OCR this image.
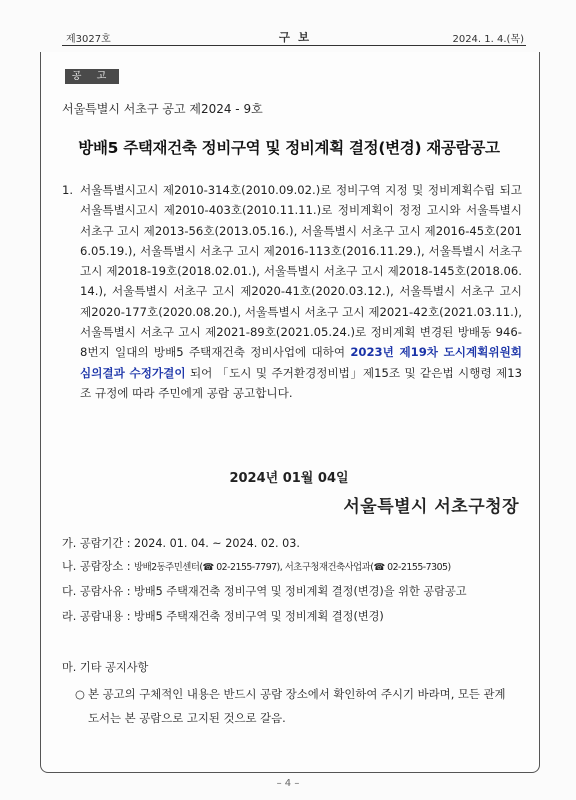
제3027호	구 보	2024. 1. 4.(목)
공 고
서울특별시 서초구 공고 제2024 - 9호
방배5 주택재건축 정비구역 및 정비계획 결정(변경) 재공람공고
1. 서울특별시고시 제2010-314호(2010.09.02.)로 정비구역 지정 및 정비계획수립 되고 서울특별시고시 제2010-403호(2010.11.11.)로 정비계획이 정정 고시와 서울특별시 서초구 고시 제2013-56호(2013.05.16.), 서울특별시 서초구 고시 제2016-45호(2016.05.19.), 서울특별시 서초구 고시 제2016-113호(2016.11.29.), 서울특별시 서초구 고시 제2018-19호(2018.02.01.), 서울특별시 서초구 고시 제2018-145호(2018.06.14.), 서울특별시 서초구 고시 제2020-41호(2020.03.12.), 서울특별시 서초구 고시 제2020-177호(2020.08.20.), 서울특별시 서초구 고시 제2021-42호(2021.03.11.), 서울특별시 서초구 고시 제2021-89호(2021.05.24.)로 정비계획 변경된 방배동 946-8번지 일대의 방배5 주택재건축 정비사업에 대하여 2023년 제19차 도시계획위원회 심의결과 수정가결이 되어 「도시 및 주거환경정비법」제15조 및 같은법 시행령 제13조 규정에 따라 주민에게 공람 공고합니다.
2024년 01월 04일
서울특별시 서초구청장
가. 공람기간 : 2024. 01. 04. ~ 2024. 02. 03.
나. 공람장소 : 방배2동주민센터(☎ 02-2155-7797), 서초구청재건축사업과(☎ 02-2155-7305)
다. 공람사유 : 방배5 주택재건축 정비구역 및 정비계획 결정(변경)을 위한 공람공고
라. 공람내용 : 방배5 주택재건축 정비구역 및 정비계획 결정(변경)
마. 기타 공지사항
○ 본 공고의 구체적인 내용은 반드시 공람 장소에서 확인하여 주시기 바라며, 모든 관계도서는 본 공람으로 고지된 것으로 갈음.
– 4 –
